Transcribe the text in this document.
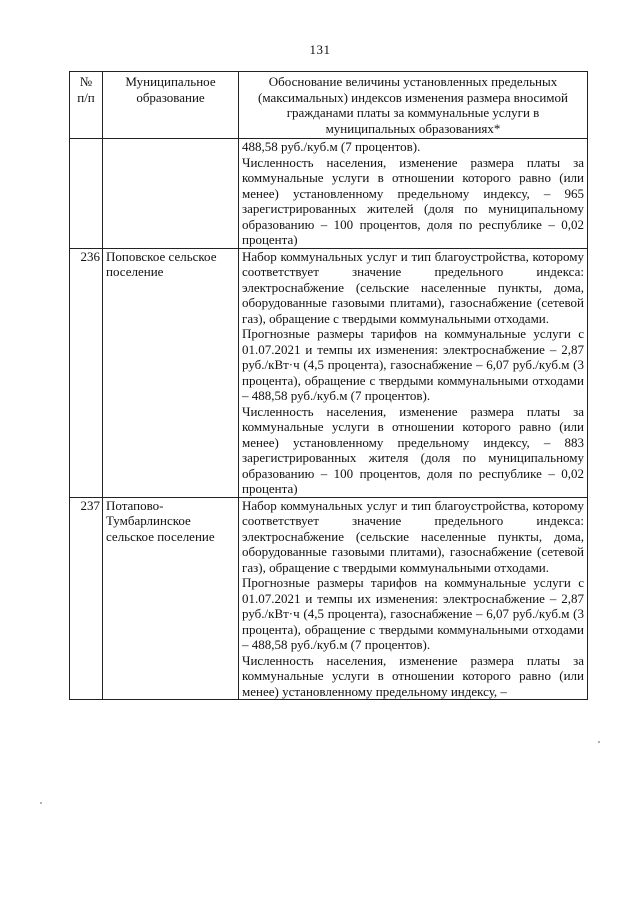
131
№ п/п	Муниципальное образование	Обоснование величины установленных предельных (максимальных) индексов изменения размера вносимой гражданами платы за коммунальные услуги в муниципальных образованиях*

		488,58 руб./куб.м (7 процентов).

Численность населения, изменение размера платы за коммунальные услуги в отношении которого равно (или менее) установленному предельному индексу, – 965 зарегистрированных жителей (доля по муниципальному образованию – 100 процентов, доля по республике – 0,02 процента)

236	Поповское сельское поселение	Набор коммунальных услуг и тип благоустройства, которому соответствует значение предельного индекса: электроснабжение (сельские населенные пункты, дома, оборудованные газовыми плитами), газоснабжение (сетевой газ), обращение с твердыми коммунальными отходами.

Прогнозные размеры тарифов на коммунальные услуги с 01.07.2021 и темпы их изменения: электроснабжение – 2,87 руб./кВт·ч (4,5 процента), газоснабжение – 6,07 руб./куб.м (3 процента), обращение с твердыми коммунальными отходами – 488,58 руб./куб.м (7 процентов).

Численность населения, изменение размера платы за коммунальные услуги в отношении которого равно (или менее) установленному предельному индексу, – 883 зарегистрированных жителя (доля по муниципальному образованию – 100 процентов, доля по республике – 0,02 процента)

237	Потапово-Тумбарлинское сельское поселение	Набор коммунальных услуг и тип благоустройства, которому соответствует значение предельного индекса: электроснабжение (сельские населенные пункты, дома, оборудованные газовыми плитами), газоснабжение (сетевой газ), обращение с твердыми коммунальными отходами.

Прогнозные размеры тарифов на коммунальные услуги с 01.07.2021 и темпы их изменения: электроснабжение – 2,87 руб./кВт·ч (4,5 процента), газоснабжение – 6,07 руб./куб.м (3 процента), обращение с твердыми коммунальными отходами – 488,58 руб./куб.м (7 процентов).

Численность населения, изменение размера платы за коммунальные услуги в отношении которого равно (или менее) установленному предельному индексу, –
